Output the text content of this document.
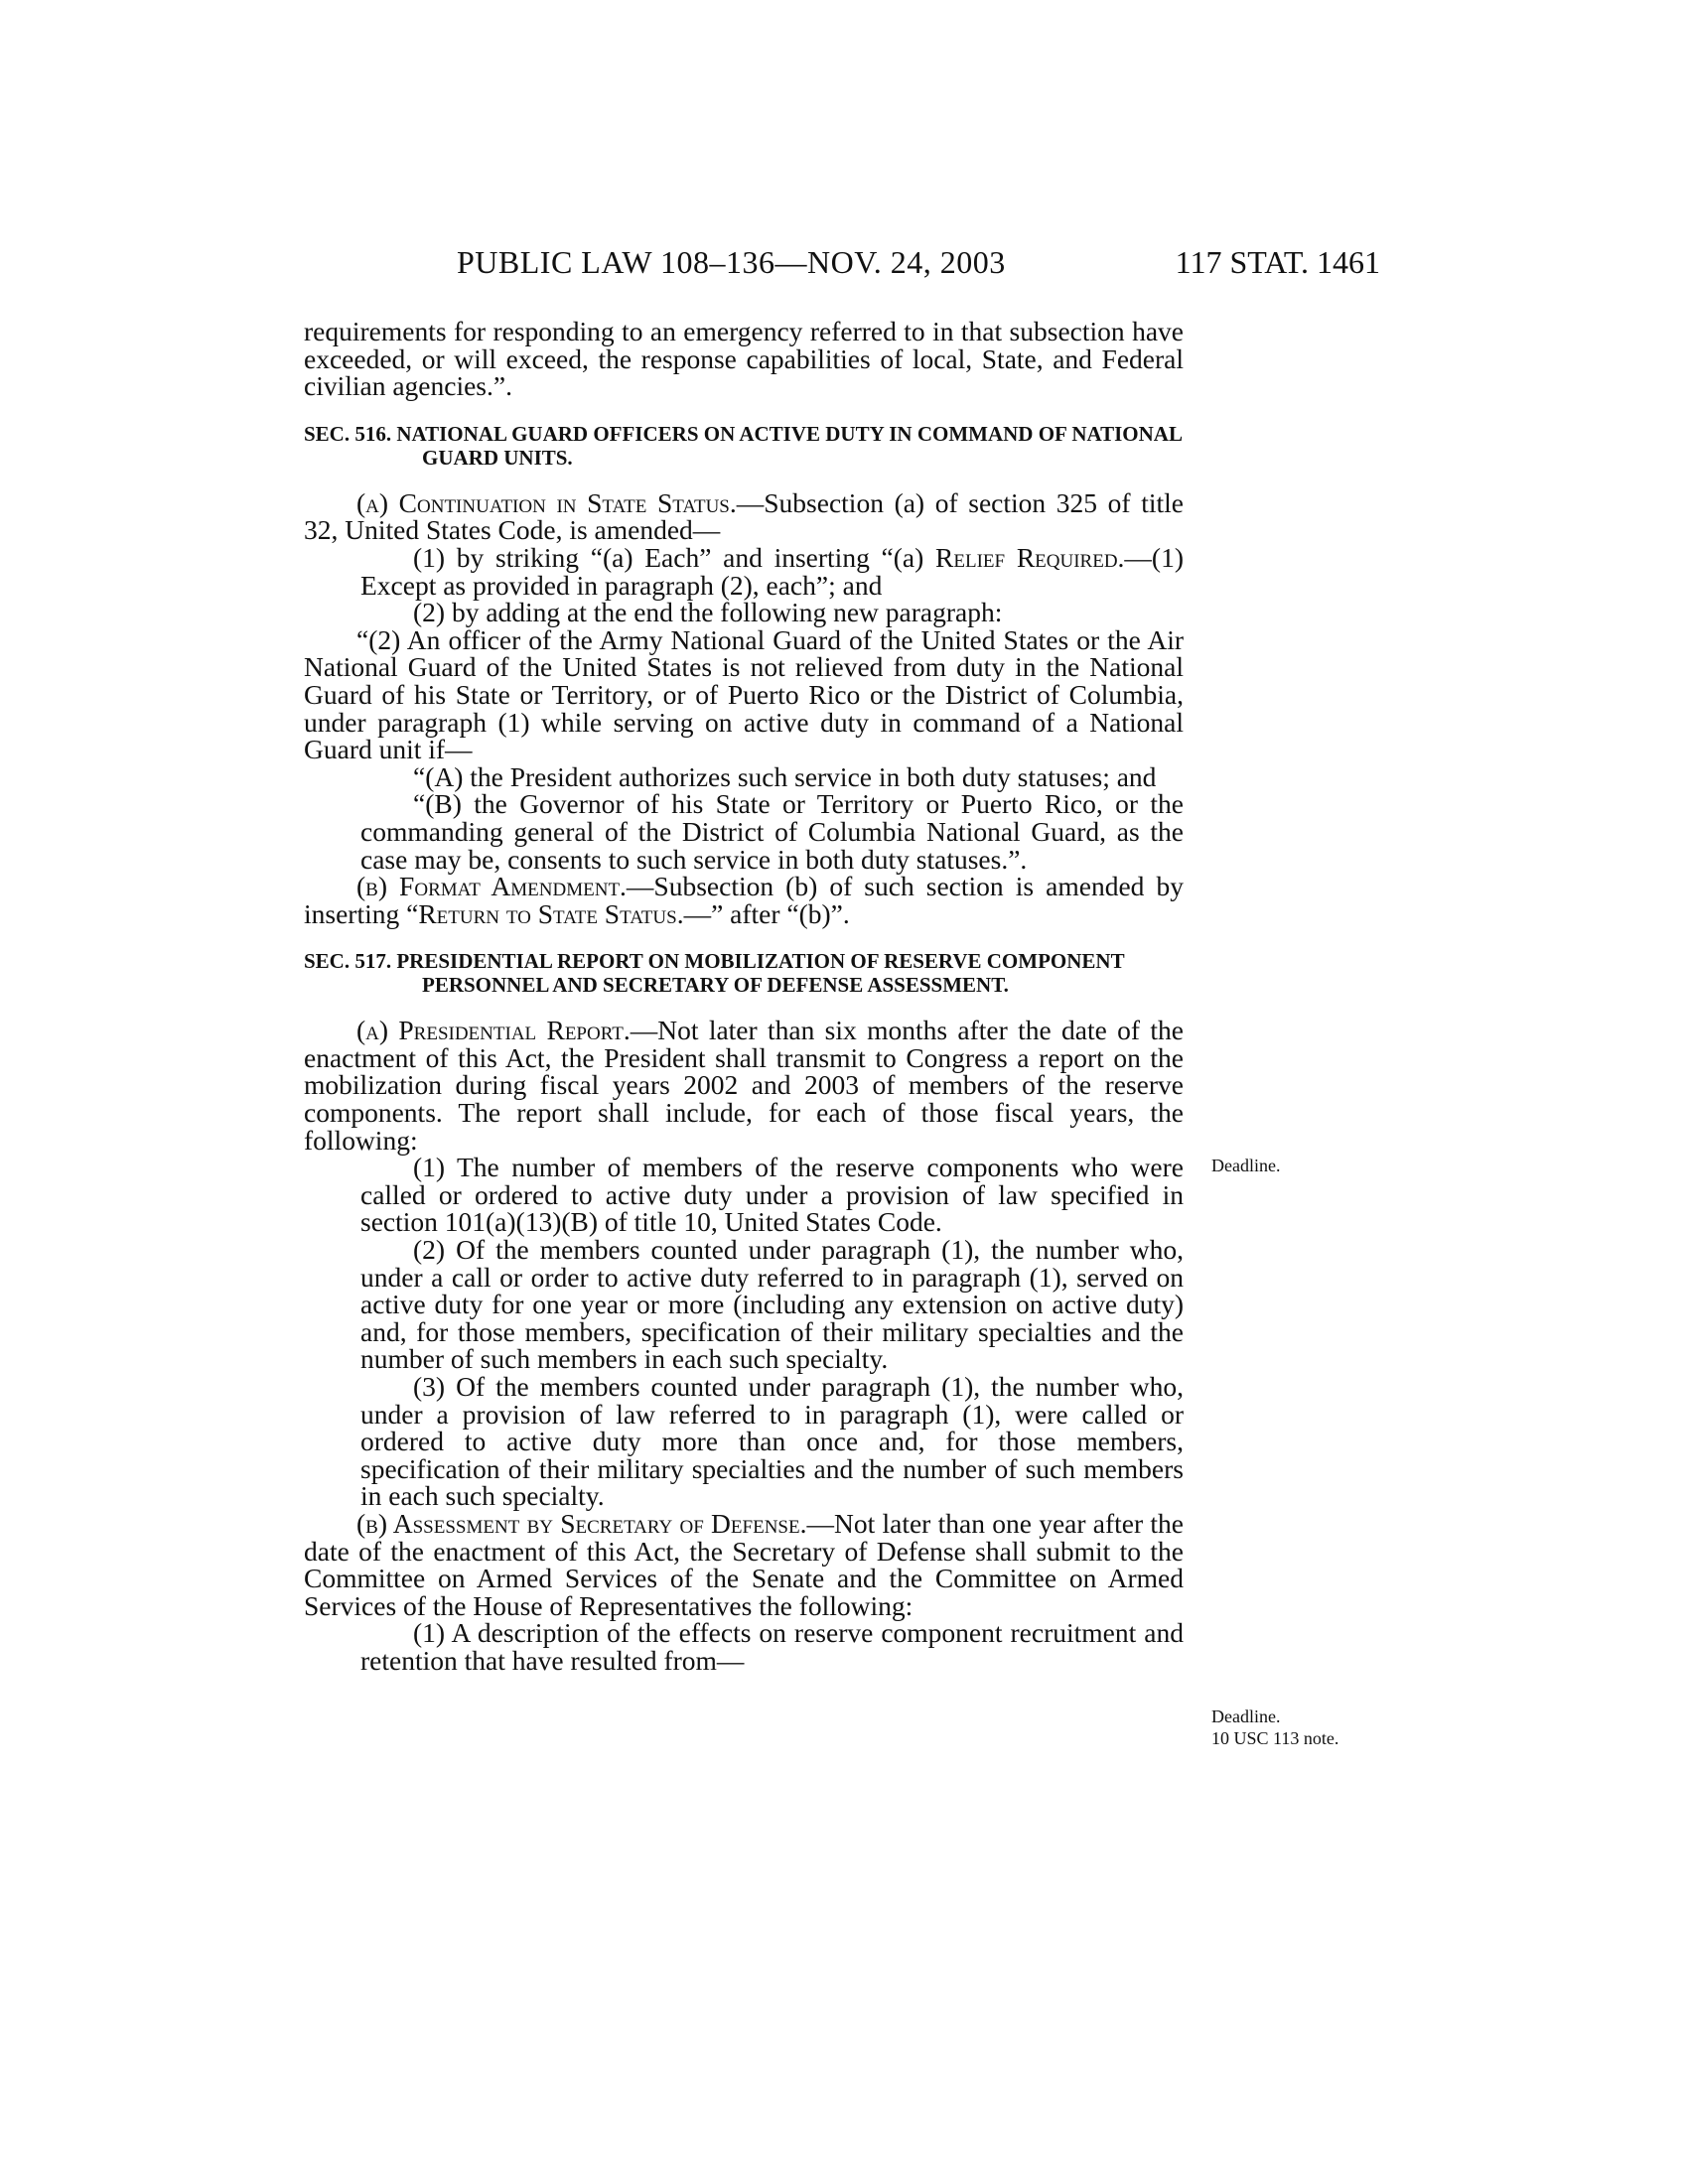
PUBLIC LAW 108–136—NOV. 24, 2003	117 STAT. 1461

requirements for responding to an emergency referred to in that subsection have exceeded, or will exceed, the response capabilities of local, State, and Federal civilian agencies.”.

SEC. 516. NATIONAL GUARD OFFICERS ON ACTIVE DUTY IN COMMAND OF NATIONAL GUARD UNITS.

(a) Continuation in State Status.—Subsection (a) of section 325 of title 32, United States Code, is amended—

(1) by striking “(a) Each” and inserting “(a) Relief Required.—(1) Except as provided in paragraph (2), each”; and

(2) by adding at the end the following new paragraph:

“(2) An officer of the Army National Guard of the United States or the Air National Guard of the United States is not relieved from duty in the National Guard of his State or Territory, or of Puerto Rico or the District of Columbia, under paragraph (1) while serving on active duty in command of a National Guard unit if—

“(A) the President authorizes such service in both duty statuses; and

“(B) the Governor of his State or Territory or Puerto Rico, or the commanding general of the District of Columbia National Guard, as the case may be, consents to such service in both duty statuses.”.

(b) Format Amendment.—Subsection (b) of such section is amended by inserting “Return to State Status.—” after “(b)”.

SEC. 517. PRESIDENTIAL REPORT ON MOBILIZATION OF RESERVE COMPONENT PERSONNEL AND SECRETARY OF DEFENSE ASSESSMENT.

(a) Presidential Report.—Not later than six months after the date of the enactment of this Act, the President shall transmit to Congress a report on the mobilization during fiscal years 2002 and 2003 of members of the reserve components. The report shall include, for each of those fiscal years, the following:

(1) The number of members of the reserve components who were called or ordered to active duty under a provision of law specified in section 101(a)(13)(B) of title 10, United States Code.

(2) Of the members counted under paragraph (1), the number who, under a call or order to active duty referred to in paragraph (1), served on active duty for one year or more (including any extension on active duty) and, for those members, specification of their military specialties and the number of such members in each such specialty.

(3) Of the members counted under paragraph (1), the number who, under a provision of law referred to in paragraph (1), were called or ordered to active duty more than once and, for those members, specification of their military specialties and the number of such members in each such specialty.

(b) Assessment by Secretary of Defense.—Not later than one year after the date of the enactment of this Act, the Secretary of Defense shall submit to the Committee on Armed Services of the Senate and the Committee on Armed Services of the House of Representatives the following:

(1) A description of the effects on reserve component recruitment and retention that have resulted from—

Deadline.
Deadline.
10 USC 113 note.
